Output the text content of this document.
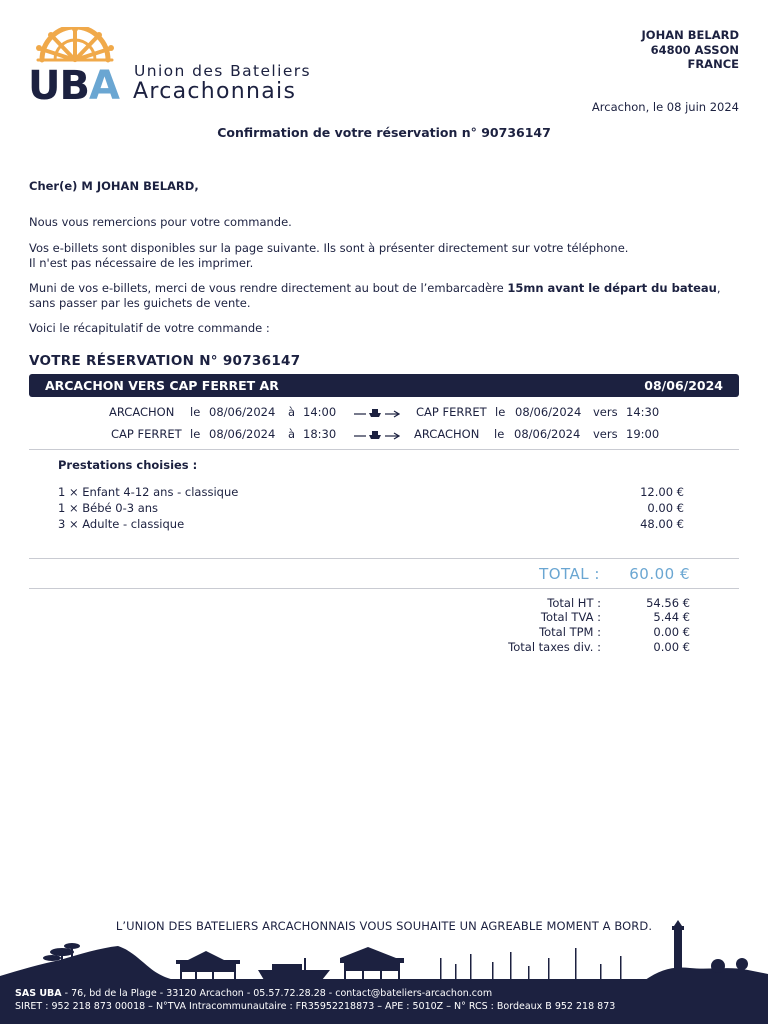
UBA Union des Bateliers
Arcachonnais
JOHAN BELARD
64800 ASSON
FRANCE
Arcachon, le 08 juin 2024
Confirmation de votre réservation n° 90736147
Cher(e) M JOHAN BELARD,
Nous vous remercions pour votre commande.
Vos e-billets sont disponibles sur la page suivante. Ils sont à présenter directement sur votre téléphone.
Il n'est pas nécessaire de les imprimer.
Muni de vos e-billets, merci de vous rendre directement au bout de l’embarcadère 15mn avant le départ du bateau, sans passer par les guichets de vente.
Voici le récapitulatif de votre commande :
VOTRE RÉSERVATION N° 90736147
ARCACHON VERS CAP FERRET AR	08/06/2024
ARCACHON le 08/06/2024 à 14:00	CAP FERRET le 08/06/2024 vers 14:30
CAP FERRET le 08/06/2024 à 18:30	ARCACHON le 08/06/2024 vers 19:00
Prestations choisies :
1 × Enfant 4-12 ans - classique	12.00 €
1 × Bébé 0-3 ans	0.00 €
3 × Adulte - classique	48.00 €
TOTAL : 60.00 €
Total HT :	54.56 €
Total TVA :	5.44 €
Total TPM :	0.00 €
Total taxes div. :	0.00 €
L’UNION DES BATELIERS ARCACHONNAIS VOUS SOUHAITE UN AGREABLE MOMENT A BORD.
SAS UBA - 76, bd de la Plage - 33120 Arcachon - 05.57.72.28.28 - contact@bateliers-arcachon.com
SIRET : 952 218 873 00018 – N°TVA Intracommunautaire : FR35952218873 – APE : 5010Z – N° RCS : Bordeaux B 952 218 873
